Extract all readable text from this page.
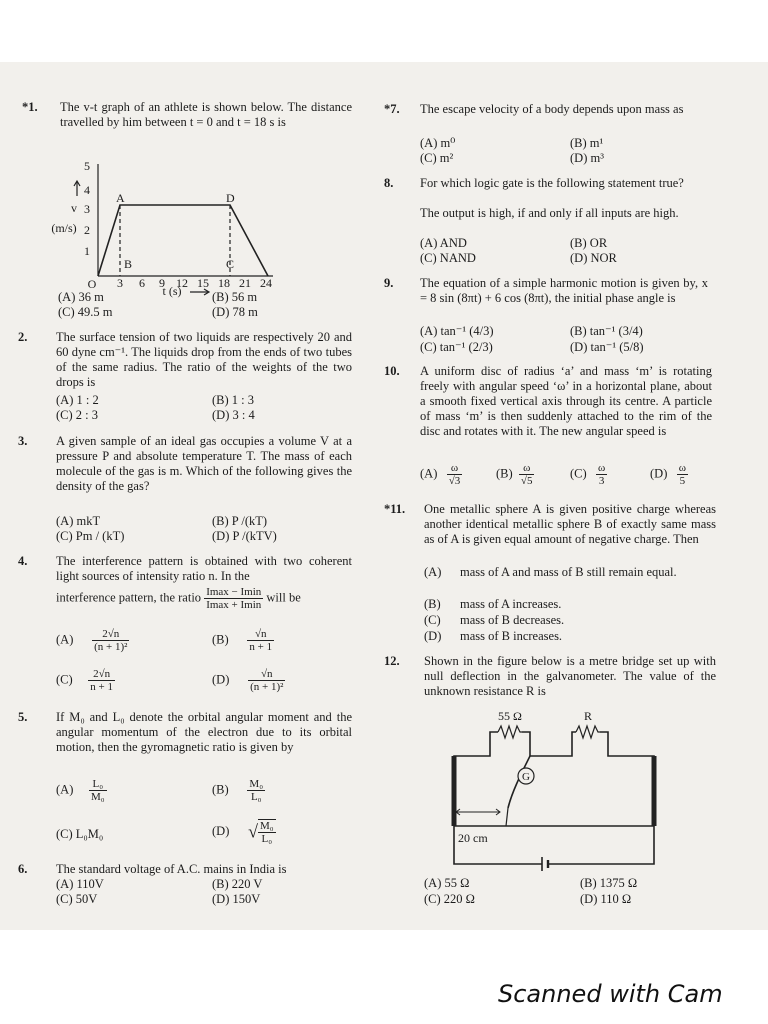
*1. The v-t graph of an athlete is shown below. The distance travelled by him between t = 0 and t = 18 s is
5
4
3
2
1
v
(m/s)
O 3 6 9 12 15 18 21 24
t (s)
A	D
B	C
(A) 36 m	(B) 56 m
(C) 49.5 m	(D) 78 m
2. The surface tension of two liquids are respectively 20 and 60 dyne cm⁻¹. The liquids drop from the ends of two tubes of the same radius. The ratio of the weights of the two drops is
(A) 1 : 2	(B) 1 : 3
(C) 2 : 3	(D) 3 : 4
3. A given sample of an ideal gas occupies a volume V at a pressure P and absolute temperature T. The mass of each molecule of the gas is m. Which of the following gives the density of the gas?
(A) mkT	(B) P /(kT)
(C) Pm / (kT)	(D) P /(kTV)
4. The interference pattern is obtained with two coherent light sources of intensity ratio n. In the
interference pattern, the ratio $\frac{Imax - Imin}{Imax + Imin}$ will be
$(A) \frac{2√n}{\text{(n + 1)²}}$	$(B) \frac{√n}{n + 1}$
$(C) \frac{2√n}{n + 1}$	$(D) \frac{√n}{\text{(n + 1)²}}$
5. If M₀ and L₀ denote the orbital angular moment and the angular momentum of the electron due to its orbital motion, then the gyromagnetic ratio is given by
$(A) \frac{\text{L₀}}{\text{M₀}}$	$(B) \frac{\text{M₀}}{\text{L₀}}$
(C) L₀M₀	(D) √ $\frac{\text{M₀}}{\text{L₀}}$
6. The standard voltage of A.C. mains in India is
(A) 110V	(B) 220 V
(C) 50V	(D) 150V
*7. The escape velocity of a body depends upon mass as
(A) m⁰	(B) m¹
(C) m²	(D) m³
8. For which logic gate is the following statement true?
The output is high, if and only if all inputs are high.
(A) AND	(B) OR
(C) NAND	(D) NOR
9. The equation of a simple harmonic motion is given by, x = 8 sin (8πt) + 6 cos (8πt), the initial phase angle is
(A) tan⁻¹ (4/3)	(B) tan⁻¹ (3/4)
(C) tan⁻¹ (2/3)	(D) tan⁻¹ (5/8)
10. A uniform disc of radius ‘a’ and mass ‘m’ is rotating freely with angular speed ‘ω’ in a horizontal plane, about a smooth fixed vertical axis through its centre. A particle of mass ‘m’ is then suddenly attached to the rim of the disc and rotates with it. The new angular speed is
$(A) \frac{\omega}{√3}$	$(B) \frac{\omega}{√5}$	$(C) \frac{\omega}{3}$	$(D) \frac{\omega}{5}$
*11. One metallic sphere A is given positive charge whereas another identical metallic sphere B of exactly same mass as of A is given equal amount of negative charge. Then
(A) mass of A and mass of B still remain equal.
(B) mass of A increases.
(C) mass of B decreases.
(D) mass of B increases.
12. Shown in the figure below is a metre bridge set up with null deflection in the galvanometer. The value of the unknown resistance R is
55 Ω	R
G
20 cm
(A) 55 Ω	(B) 1375 Ω
(C) 220 Ω	(D) 110 Ω
Scanned with Cam
